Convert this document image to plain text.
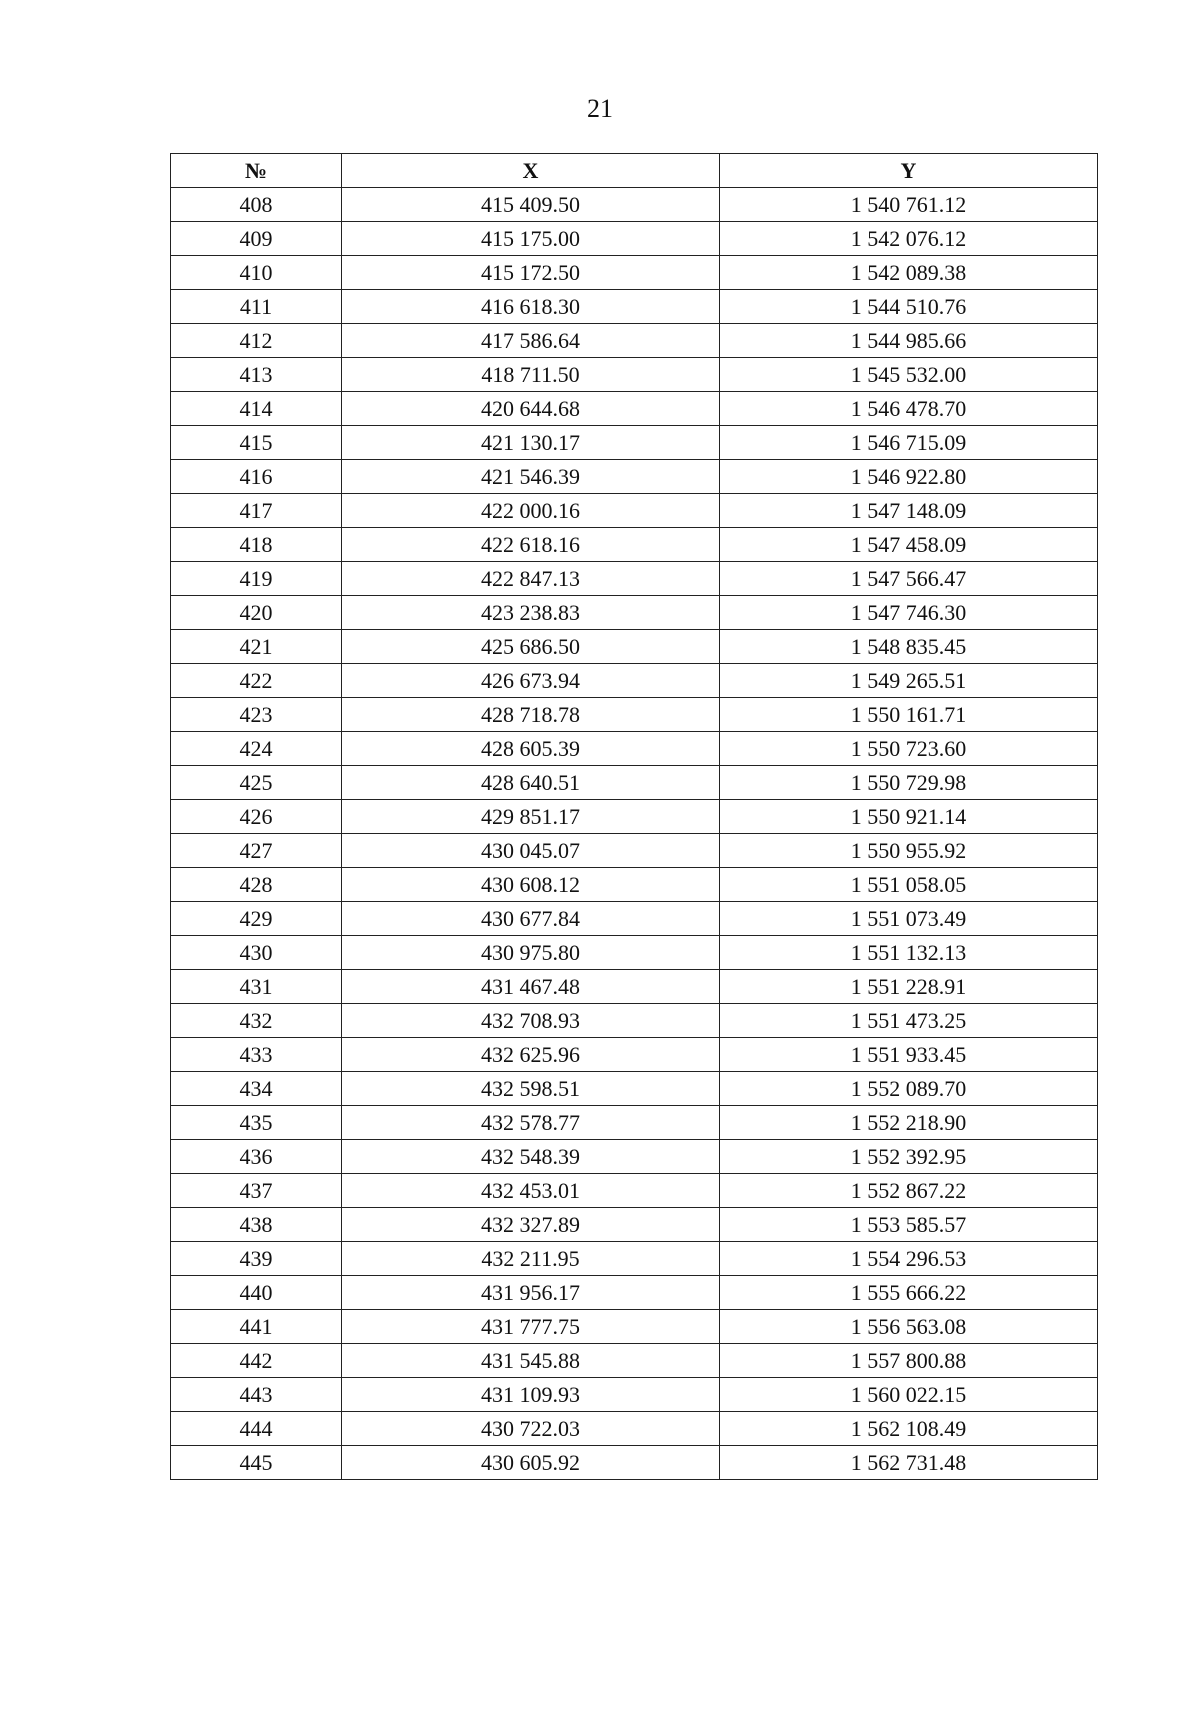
21
№	X	Y
408	415 409.50	1 540 761.12
409	415 175.00	1 542 076.12
410	415 172.50	1 542 089.38
411	416 618.30	1 544 510.76
412	417 586.64	1 544 985.66
413	418 711.50	1 545 532.00
414	420 644.68	1 546 478.70
415	421 130.17	1 546 715.09
416	421 546.39	1 546 922.80
417	422 000.16	1 547 148.09
418	422 618.16	1 547 458.09
419	422 847.13	1 547 566.47
420	423 238.83	1 547 746.30
421	425 686.50	1 548 835.45
422	426 673.94	1 549 265.51
423	428 718.78	1 550 161.71
424	428 605.39	1 550 723.60
425	428 640.51	1 550 729.98
426	429 851.17	1 550 921.14
427	430 045.07	1 550 955.92
428	430 608.12	1 551 058.05
429	430 677.84	1 551 073.49
430	430 975.80	1 551 132.13
431	431 467.48	1 551 228.91
432	432 708.93	1 551 473.25
433	432 625.96	1 551 933.45
434	432 598.51	1 552 089.70
435	432 578.77	1 552 218.90
436	432 548.39	1 552 392.95
437	432 453.01	1 552 867.22
438	432 327.89	1 553 585.57
439	432 211.95	1 554 296.53
440	431 956.17	1 555 666.22
441	431 777.75	1 556 563.08
442	431 545.88	1 557 800.88
443	431 109.93	1 560 022.15
444	430 722.03	1 562 108.49
445	430 605.92	1 562 731.48
